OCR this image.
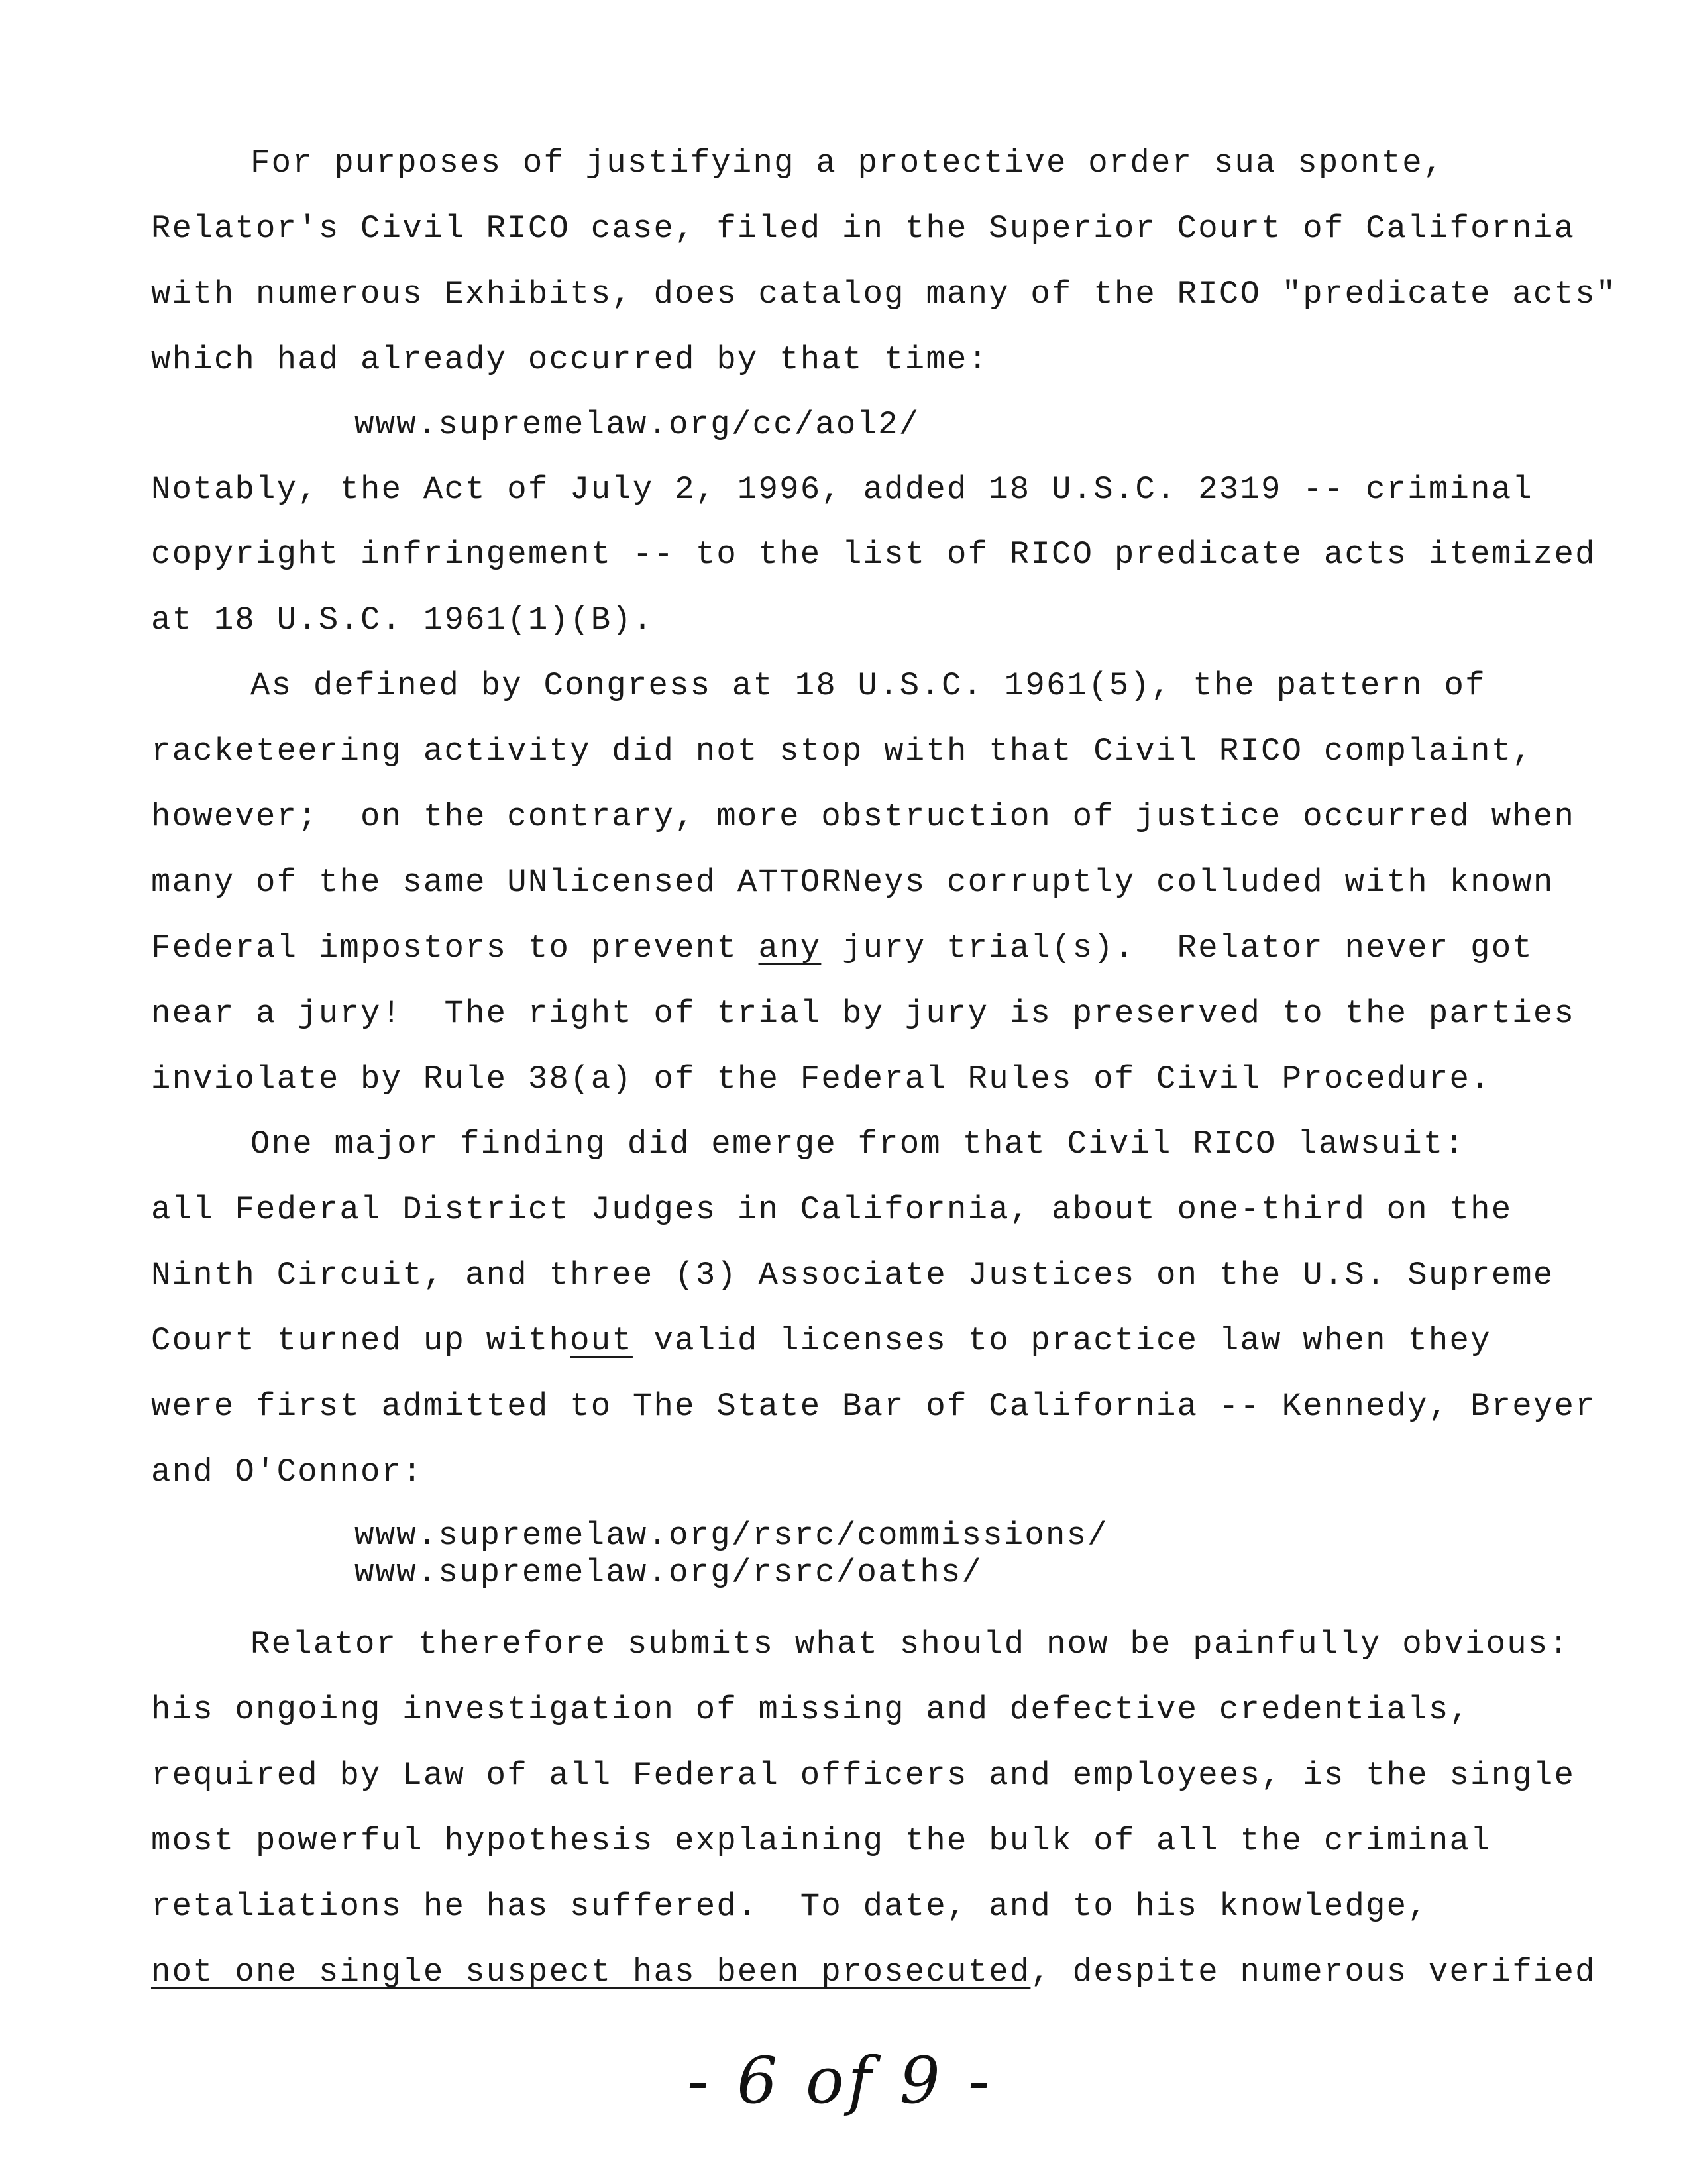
For purposes of justifying a protective order sua sponte,
Relator's Civil RICO case, filed in the Superior Court of California
with numerous Exhibits, does catalog many of the RICO "predicate acts"
which had already occurred by that time:
www.supremelaw.org/cc/aol2/
Notably, the Act of July 2, 1996, added 18 U.S.C. 2319 -- criminal
copyright infringement -- to the list of RICO predicate acts itemized
at 18 U.S.C. 1961(1)(B).
As defined by Congress at 18 U.S.C. 1961(5), the pattern of
racketeering activity did not stop with that Civil RICO complaint,
however;  on the contrary, more obstruction of justice occurred when
many of the same UNlicensed ATTORNeys corruptly colluded with known
Federal impostors to prevent any jury trial(s).  Relator never got
near a jury!  The right of trial by jury is preserved to the parties
inviolate by Rule 38(a) of the Federal Rules of Civil Procedure.
One major finding did emerge from that Civil RICO lawsuit:
all Federal District Judges in California, about one-third on the
Ninth Circuit, and three (3) Associate Justices on the U.S. Supreme
Court turned up without valid licenses to practice law when they
were first admitted to The State Bar of California -- Kennedy, Breyer
and O'Connor:
www.supremelaw.org/rsrc/commissions/
www.supremelaw.org/rsrc/oaths/
Relator therefore submits what should now be painfully obvious:
his ongoing investigation of missing and defective credentials,
required by Law of all Federal officers and employees, is the single
most powerful hypothesis explaining the bulk of all the criminal
retaliations he has suffered.  To date, and to his knowledge,
not one single suspect has been prosecuted, despite numerous verified
- 6 of 9 -
